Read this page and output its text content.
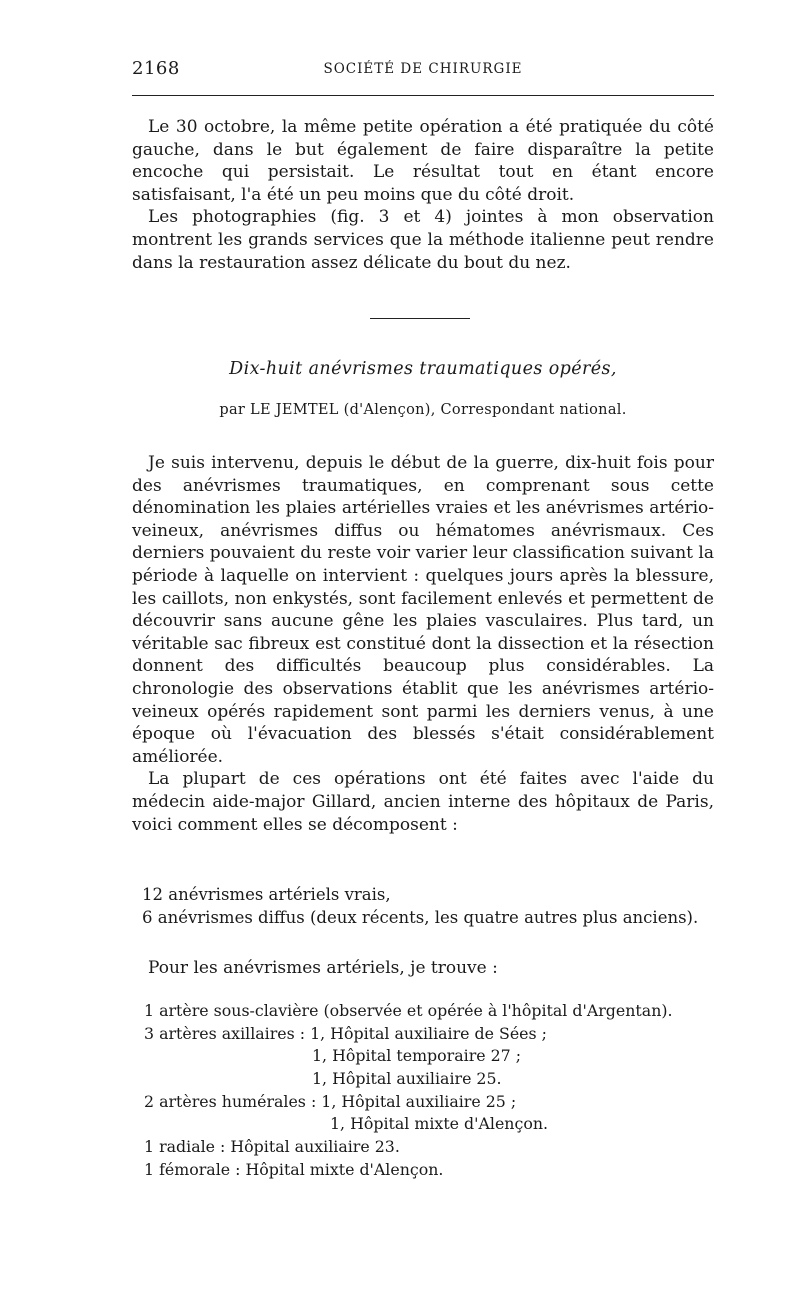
2168	SOCIÉTÉ DE CHIRURGIE

Le 30 octobre, la même petite opération a été pratiquée du côté gauche, dans le but également de faire disparaître la petite encoche qui persistait. Le résultat tout en étant encore satisfaisant, l'a été un peu moins que du côté droit.

Les photographies (fig. 3 et 4) jointes à mon observation montrent les grands services que la méthode italienne peut rendre dans la restauration assez délicate du bout du nez.

Dix-huit anévrismes traumatiques opérés,
par LE JEMTEL (d'Alençon), Correspondant national.

Je suis intervenu, depuis le début de la guerre, dix-huit fois pour des anévrismes traumatiques, en comprenant sous cette dénomination les plaies artérielles vraies et les anévrismes artério-veineux, anévrismes diffus ou hématomes anévrismaux. Ces derniers pouvaient du reste voir varier leur classification suivant la période à laquelle on intervient : quelques jours après la blessure, les caillots, non enkystés, sont facilement enlevés et permettent de découvrir sans aucune gêne les plaies vasculaires. Plus tard, un véritable sac fibreux est constitué dont la dissection et la résection donnent des difficultés beaucoup plus considérables. La chronologie des observations établit que les anévrismes artério-veineux opérés rapidement sont parmi les derniers venus, à une époque où l'évacuation des blessés s'était considérablement améliorée.

La plupart de ces opérations ont été faites avec l'aide du médecin aide-major Gillard, ancien interne des hôpitaux de Paris, voici comment elles se décomposent :

12 anévrismes artériels vrais,
6 anévrismes diffus (deux récents, les quatre autres plus anciens).
Pour les anévrismes artériels, je trouve :
1 artère sous-clavière (observée et opérée à l'hôpital d'Argentan).
3 artères axillaires : 1, Hôpital auxiliaire de Sées ;
1, Hôpital temporaire 27 ;
1, Hôpital auxiliaire 25.
2 artères humérales : 1, Hôpital auxiliaire 25 ;
1, Hôpital mixte d'Alençon.
1 radiale : Hôpital auxiliaire 23.
1 fémorale : Hôpital mixte d'Alençon.
